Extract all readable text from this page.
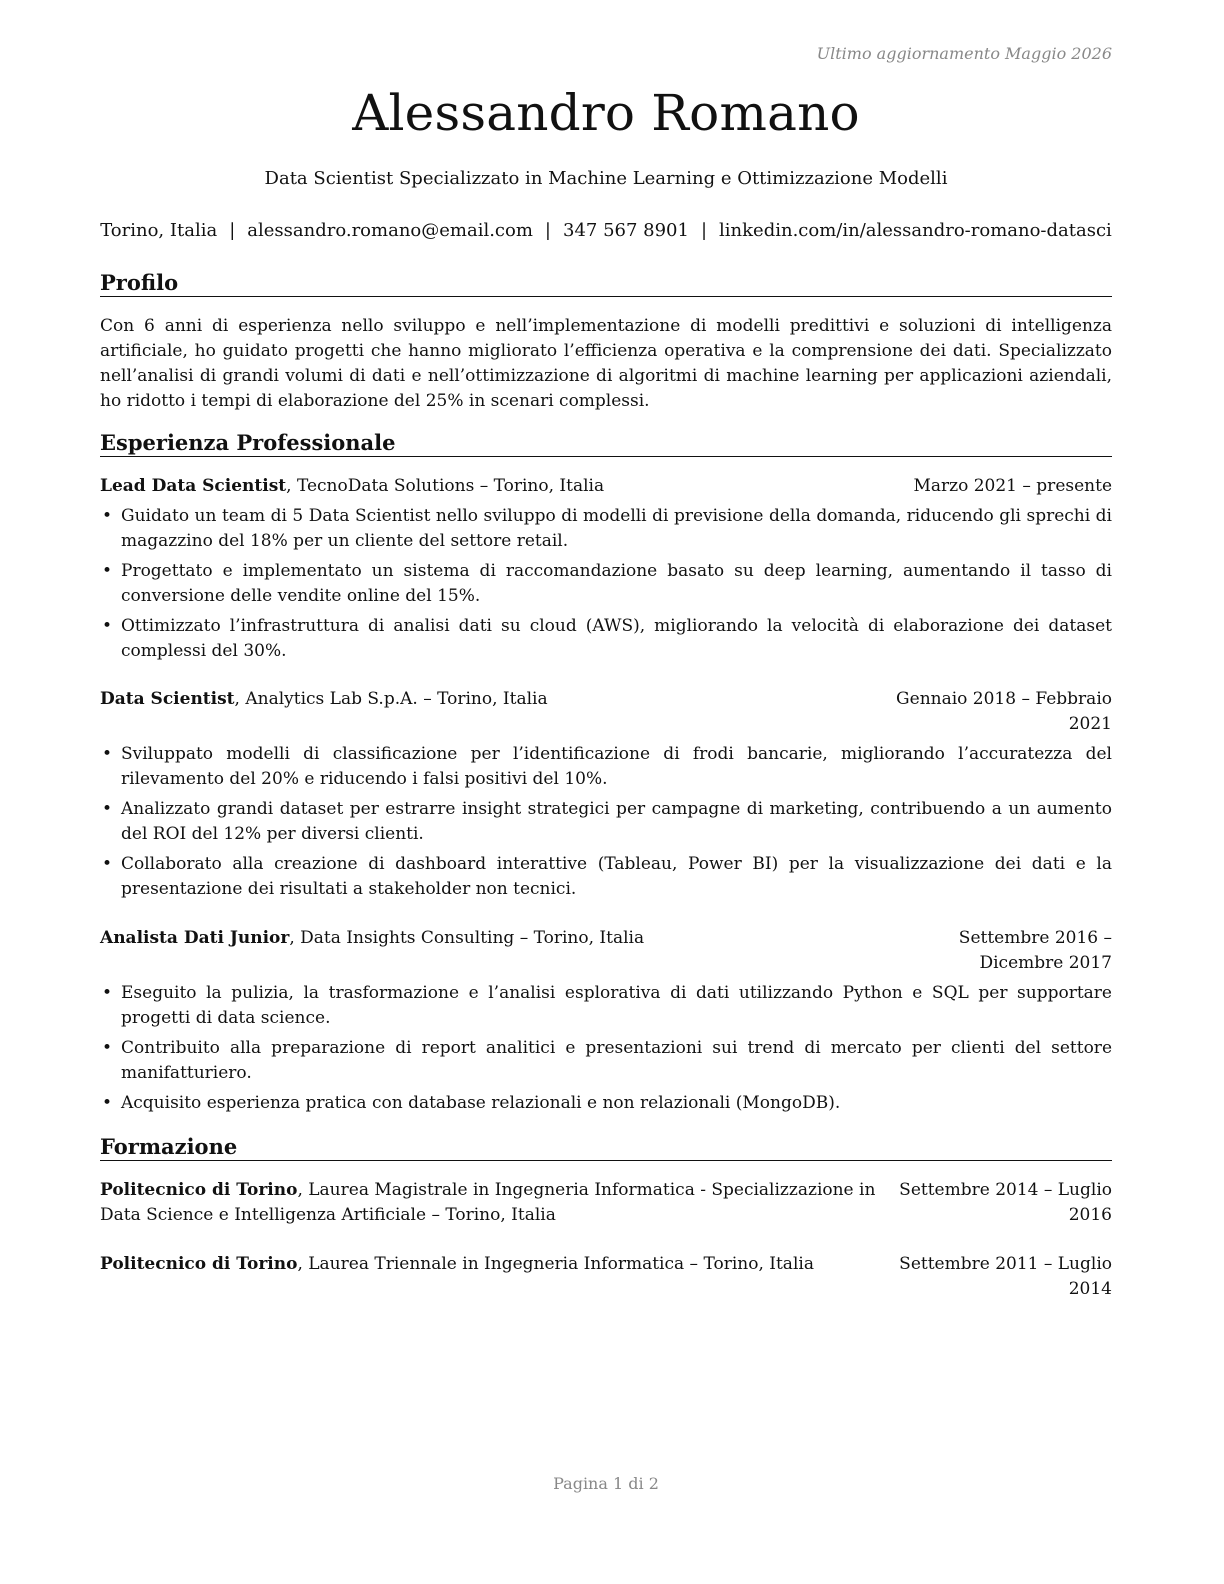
Ultimo aggiornamento Maggio 2026
Alessandro Romano
Data Scientist Specializzato in Machine Learning e Ottimizzazione Modelli
Torino, Italia | alessandro.romano@email.com | 347 567 8901 | linkedin.com/in/alessandro-romano-datasci
Profilo
Con 6 anni di esperienza nello sviluppo e nell’implementazione di modelli predittivi e soluzioni di intelligenza artificiale, ho guidato progetti che hanno migliorato l’efficienza operativa e la comprensione dei dati. Specializzato nell’analisi di grandi volumi di dati e nell’ottimizzazione di algoritmi di machine learning per applicazioni aziendali, ho ridotto i tempi di elaborazione del 25% in scenari complessi.
Esperienza Professionale
Lead Data Scientist, TecnoData Solutions – Torino, Italia	Marzo 2021 – presente
• Guidato un team di 5 Data Scientist nello sviluppo di modelli di previsione della domanda, riducendo gli sprechi di magazzino del 18% per un cliente del settore retail.
• Progettato e implementato un sistema di raccomandazione basato su deep learning, aumentando il tasso di conversione delle vendite online del 15%.
• Ottimizzato l’infrastruttura di analisi dati su cloud (AWS), migliorando la velocità di elaborazione dei dataset complessi del 30%.
Data Scientist, Analytics Lab S.p.A. – Torino, Italia	Gennaio 2018 – Febbraio 2021
• Sviluppato modelli di classificazione per l’identificazione di frodi bancarie, migliorando l’accuratezza del rilevamento del 20% e riducendo i falsi positivi del 10%.
• Analizzato grandi dataset per estrarre insight strategici per campagne di marketing, contribuendo a un aumento del ROI del 12% per diversi clienti.
• Collaborato alla creazione di dashboard interattive (Tableau, Power BI) per la visualizzazione dei dati e la presentazione dei risultati a stakeholder non tecnici.
Analista Dati Junior, Data Insights Consulting – Torino, Italia	Settembre 2016 – Dicembre 2017
• Eseguito la pulizia, la trasformazione e l’analisi esplorativa di dati utilizzando Python e SQL per supportare progetti di data science.
• Contribuito alla preparazione di report analitici e presentazioni sui trend di mercato per clienti del settore manifatturiero.
• Acquisito esperienza pratica con database relazionali e non relazionali (MongoDB).
Formazione
Politecnico di Torino, Laurea Magistrale in Ingegneria Informatica - Specializzazione in Data Science e Intelligenza Artificiale – Torino, Italia
Settembre 2014 – Luglio 2016
Politecnico di Torino, Laurea Triennale in Ingegneria Informatica – Torino, Italia	Settembre 2011 – Luglio 2014
Pagina 1 di 2
